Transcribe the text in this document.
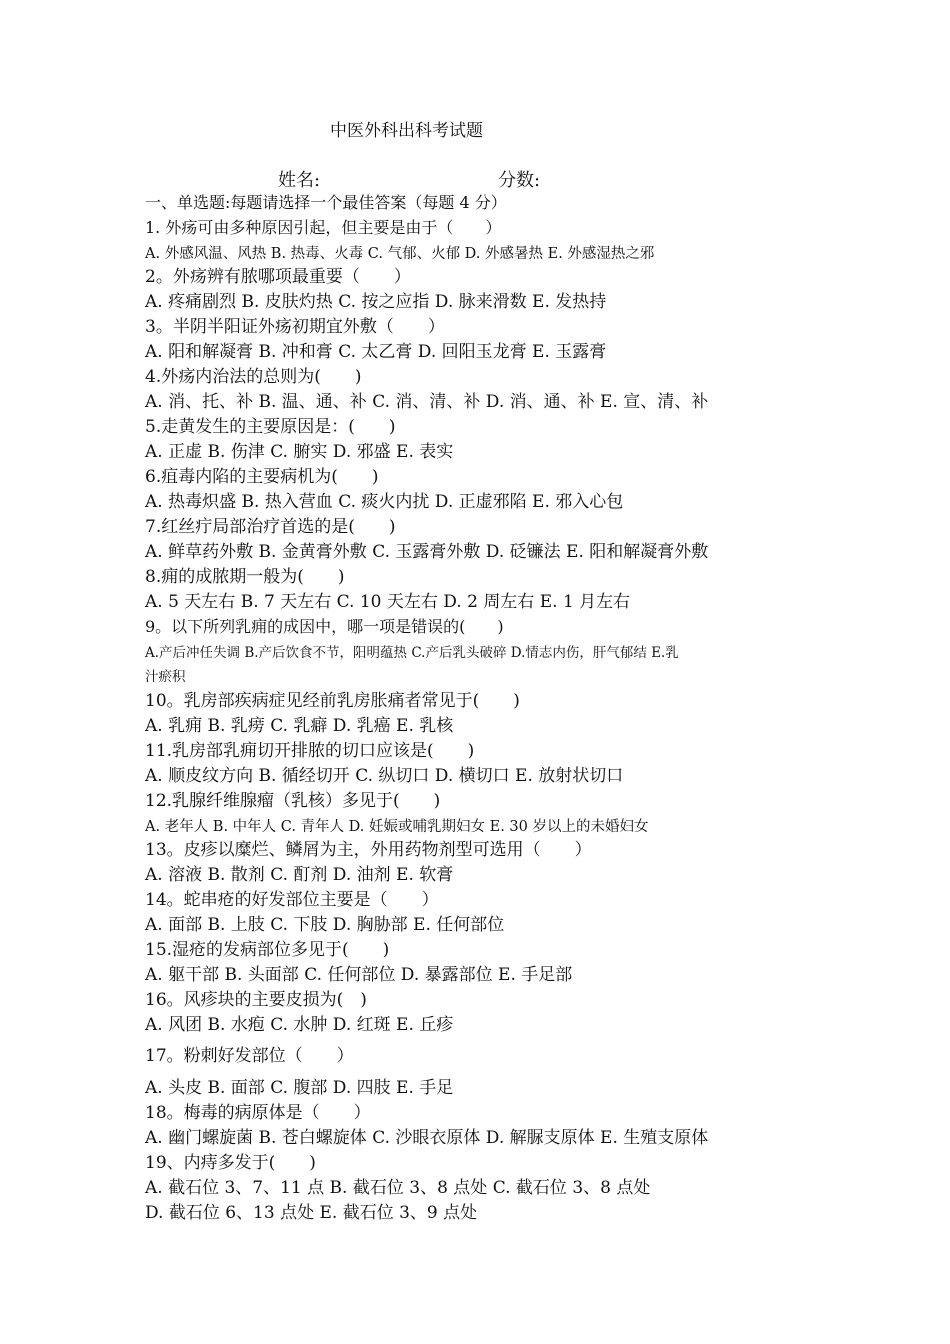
中医外科出科考试题
姓名:	分数:
一、单选题:每题请选择一个最佳答案（每题 4 分）
1. 外疡可由多种原因引起，但主要是由于（　　）
A. 外感风温、风热 B. 热毒、火毒 C. 气郁、火郁 D. 外感暑热 E. 外感湿热之邪
2。外疡辨有脓哪项最重要（　　）
A. 疼痛剧烈 B. 皮肤灼热 C. 按之应指 D. 脉来滑数 E. 发热持
3。半阴半阳证外疡初期宜外敷（　　）
A. 阳和解凝膏 B. 冲和膏 C. 太乙膏 D. 回阳玉龙膏 E. 玉露膏
4.外疡内治法的总则为(　　)
A. 消、托、补 B. 温、通、补 C. 消、清、补 D. 消、通、补 E. 宣、清、补
5.走黄发生的主要原因是：(　　)
A. 正虚 B. 伤津 C. 腑实 D. 邪盛 E. 表实
6.疽毒内陷的主要病机为(　　)
A. 热毒炽盛 B. 热入营血 C. 痰火内扰 D. 正虚邪陷 E. 邪入心包
7.红丝疔局部治疗首选的是(　　)
A. 鲜草药外敷 B. 金黄膏外敷 C. 玉露膏外敷 D. 砭镰法 E. 阳和解凝膏外敷
8.痈的成脓期一般为(　　)
A. 5 天左右 B. 7 天左右 C. 10 天左右 D. 2 周左右 E. 1 月左右
9。以下所列乳痈的成因中，哪一项是错误的(　　)
A.产后冲任失调 B.产后饮食不节，阳明蕴热 C.产后乳头破碎 D.情志内伤，肝气郁结 E.乳
汁瘀积
10。乳房部疾病症见经前乳房胀痛者常见于(　　)
A. 乳痈 B. 乳痨 C. 乳癖 D. 乳癌 E. 乳核
11.乳房部乳痈切开排脓的切口应该是(　　)
A. 顺皮纹方向 B. 循经切开 C. 纵切口 D. 横切口 E. 放射状切口
12.乳腺纤维腺瘤（乳核）多见于(　　)
A. 老年人 B. 中年人 C. 青年人 D. 妊娠或哺乳期妇女 E. 30 岁以上的未婚妇女
13。皮疹以糜烂、鳞屑为主，外用药物剂型可选用（　　）
A. 溶液 B. 散剂 C. 酊剂 D. 油剂 E. 软膏
14。蛇串疮的好发部位主要是（　　）
A. 面部 B. 上肢 C. 下肢 D. 胸胁部 E. 任何部位
15.湿疮的发病部位多见于(　　)
A. 躯干部 B. 头面部 C. 任何部位 D. 暴露部位 E. 手足部
16。风疹块的主要皮损为(　)
A. 风团 B. 水疱 C. 水肿 D. 红斑 E. 丘疹
17。粉刺好发部位（　　）
A. 头皮 B. 面部 C. 腹部 D. 四肢 E. 手足
18。梅毒的病原体是（　　）
A. 幽门螺旋菌 B. 苍白螺旋体 C. 沙眼衣原体 D. 解脲支原体 E. 生殖支原体
19、内痔多发于(　　)
A. 截石位 3、7、11 点 B. 截石位 3、8 点处 C. 截石位 3、8 点处
D. 截石位 6、13 点处 E. 截石位 3、9 点处
